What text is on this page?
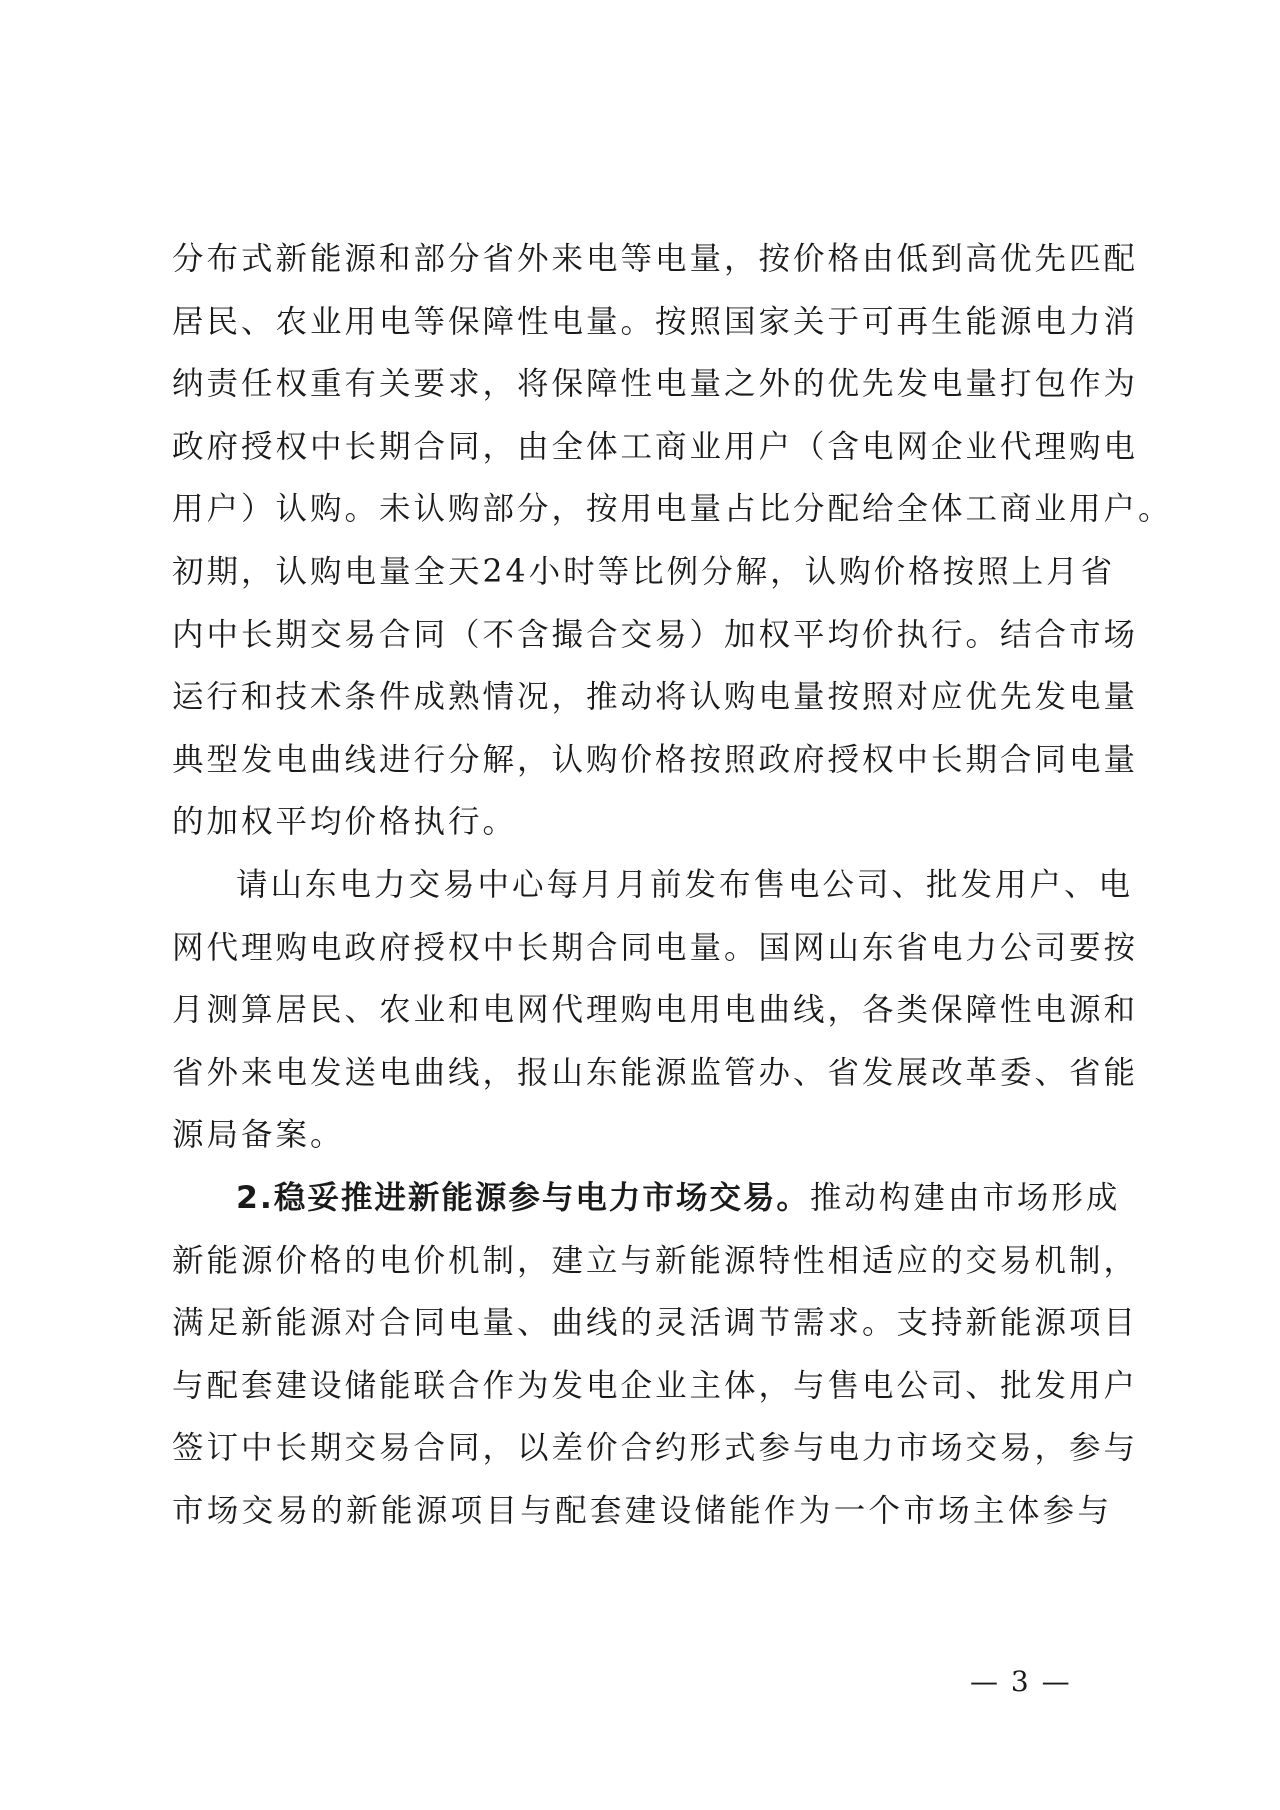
分布式新能源和部分省外来电等电量，按价格由低到高优先匹配
居民、农业用电等保障性电量。按照国家关于可再生能源电力消
纳责任权重有关要求，将保障性电量之外的优先发电量打包作为
政府授权中长期合同，由全体工商业用户（含电网企业代理购电
用户）认购。未认购部分，按用电量占比分配给全体工商业用户。
初期，认购电量全天24小时等比例分解，认购价格按照上月省
内中长期交易合同（不含撮合交易）加权平均价执行。结合市场
运行和技术条件成熟情况，推动将认购电量按照对应优先发电量
典型发电曲线进行分解，认购价格按照政府授权中长期合同电量
的加权平均价格执行。
请山东电力交易中心每月月前发布售电公司、批发用户、电
网代理购电政府授权中长期合同电量。国网山东省电力公司要按
月测算居民、农业和电网代理购电用电曲线，各类保障性电源和
省外来电发送电曲线，报山东能源监管办、省发展改革委、省能
源局备案。
2.稳妥推进新能源参与电力市场交易。推动构建由市场形成
新能源价格的电价机制，建立与新能源特性相适应的交易机制，
满足新能源对合同电量、曲线的灵活调节需求。支持新能源项目
与配套建设储能联合作为发电企业主体，与售电公司、批发用户
签订中长期交易合同，以差价合约形式参与电力市场交易，参与
市场交易的新能源项目与配套建设储能作为一个市场主体参与
— 3 —
